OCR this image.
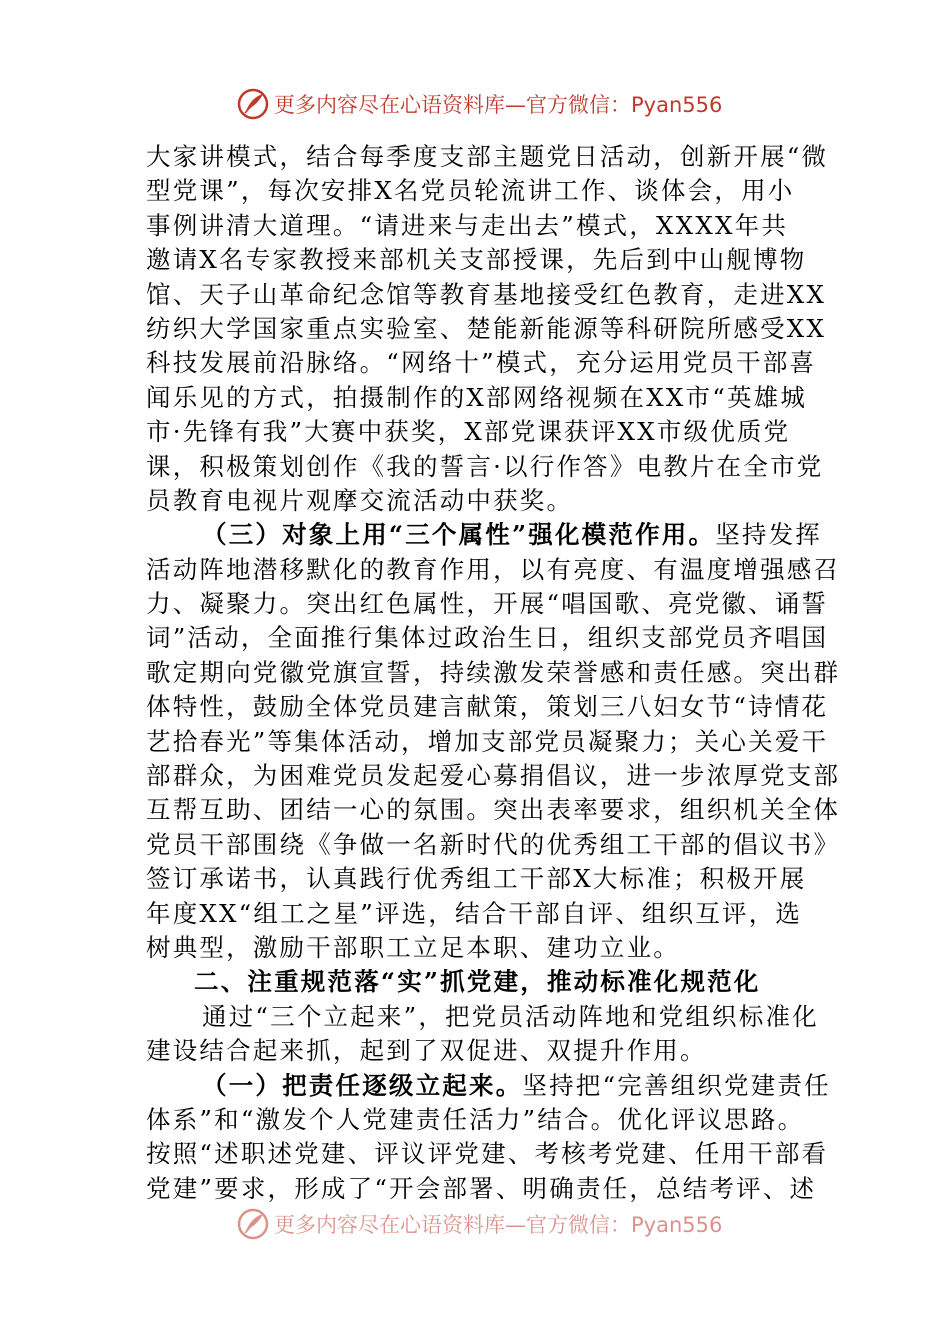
更多内容尽在心语资料库—官方微信：Pyan556
大家讲模式，结合每季度支部主题党日活动，创新开展“微
型党课”，每次安排X名党员轮流讲工作、谈体会，用小
事例讲清大道理。“请进来与走出去”模式，XXXX年共
邀请X名专家教授来部机关支部授课，先后到中山舰博物
馆、天子山革命纪念馆等教育基地接受红色教育，走进XX
纺织大学国家重点实验室、楚能新能源等科研院所感受XX
科技发展前沿脉络。“网络十”模式，充分运用党员干部喜
闻乐见的方式，拍摄制作的X部网络视频在XX市“英雄城
市·先锋有我”大赛中获奖，X部党课获评XX市级优质党
课，积极策划创作《我的誓言·以行作答》电教片在全市党
员教育电视片观摩交流活动中获奖。
（三）对象上用“三个属性”强化模范作用。坚持发挥
活动阵地潜移默化的教育作用，以有亮度、有温度增强感召
力、凝聚力。突出红色属性，开展“唱国歌、亮党徽、诵誓
词”活动，全面推行集体过政治生日，组织支部党员齐唱国
歌定期向党徽党旗宣誓，持续激发荣誉感和责任感。突出群
体特性，鼓励全体党员建言献策，策划三八妇女节“诗情花
艺拾春光”等集体活动，增加支部党员凝聚力；关心关爱干
部群众，为困难党员发起爱心募捐倡议，进一步浓厚党支部
互帮互助、团结一心的氛围。突出表率要求，组织机关全体
党员干部围绕《争做一名新时代的优秀组工干部的倡议书》
签订承诺书，认真践行优秀组工干部X大标准；积极开展
年度XX“组工之星”评选，结合干部自评、组织互评，选
树典型，激励干部职工立足本职、建功立业。
二、注重规范落“实”抓党建，推动标准化规范化
通过“三个立起来”，把党员活动阵地和党组织标准化
建设结合起来抓，起到了双促进、双提升作用。
（一）把责任逐级立起来。坚持把“完善组织党建责任
体系”和“激发个人党建责任活力”结合。优化评议思路。
按照“述职述党建、评议评党建、考核考党建、任用干部看
党建”要求，形成了“开会部署、明确责任，总结考评、述
更多内容尽在心语资料库—官方微信：Pyan556
